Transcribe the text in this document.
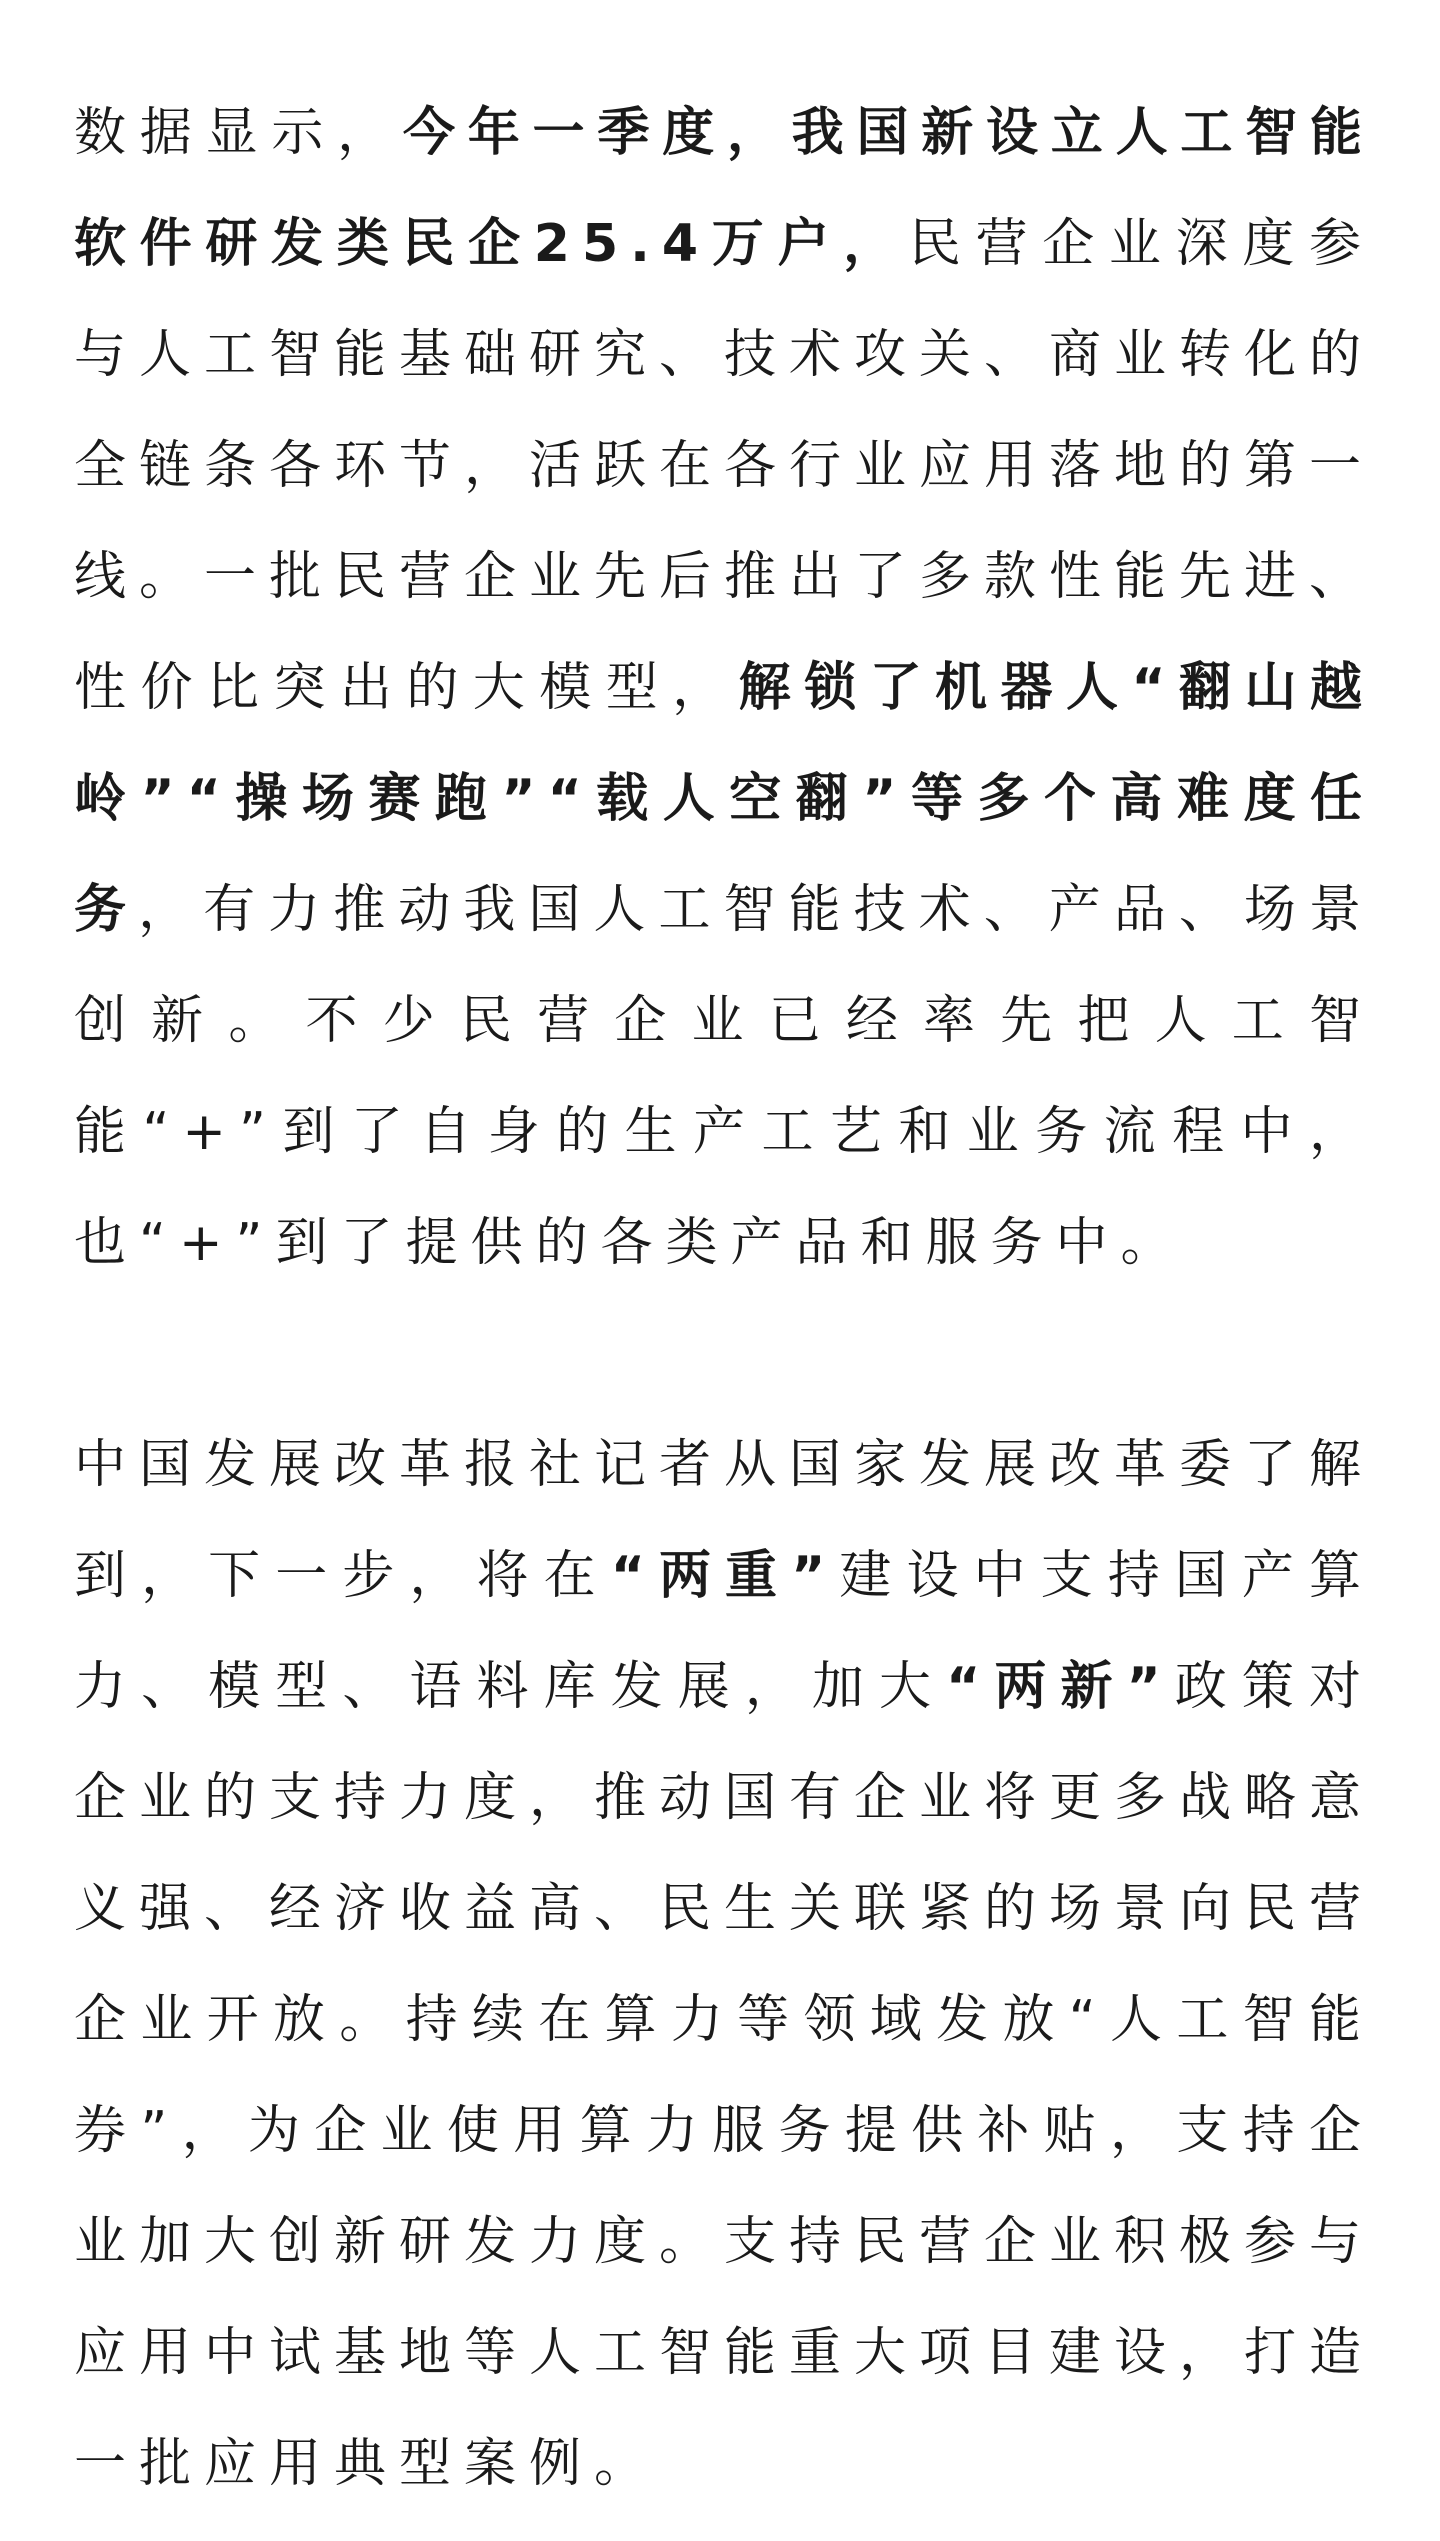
数据显示，今年一季度，我国新设立人工智能软件研发类民企25.4万户，民营企业深度参与人工智能基础研究、技术攻关、商业转化的全链条各环节，活跃在各行业应用落地的第一线。一批民营企业先后推出了多款性能先进、性价比突出的大模型，解锁了机器人“翻山越岭”“操场赛跑”“载人空翻”等多个高难度任务，有力推动我国人工智能技术、产品、场景创新。不少民营企业已经率先把人工智能“+”到了自身的生产工艺和业务流程中，也“+”到了提供的各类产品和服务中。

中国发展改革报社记者从国家发展改革委了解到，下一步，将在“两重”建设中支持国产算力、模型、语料库发展，加大“两新”政策对企业的支持力度，推动国有企业将更多战略意义强、经济收益高、民生关联紧的场景向民营企业开放。持续在算力等领域发放“人工智能券”，为企业使用算力服务提供补贴，支持企业加大创新研发力度。支持民营企业积极参与应用中试基地等人工智能重大项目建设，打造一批应用典型案例。
